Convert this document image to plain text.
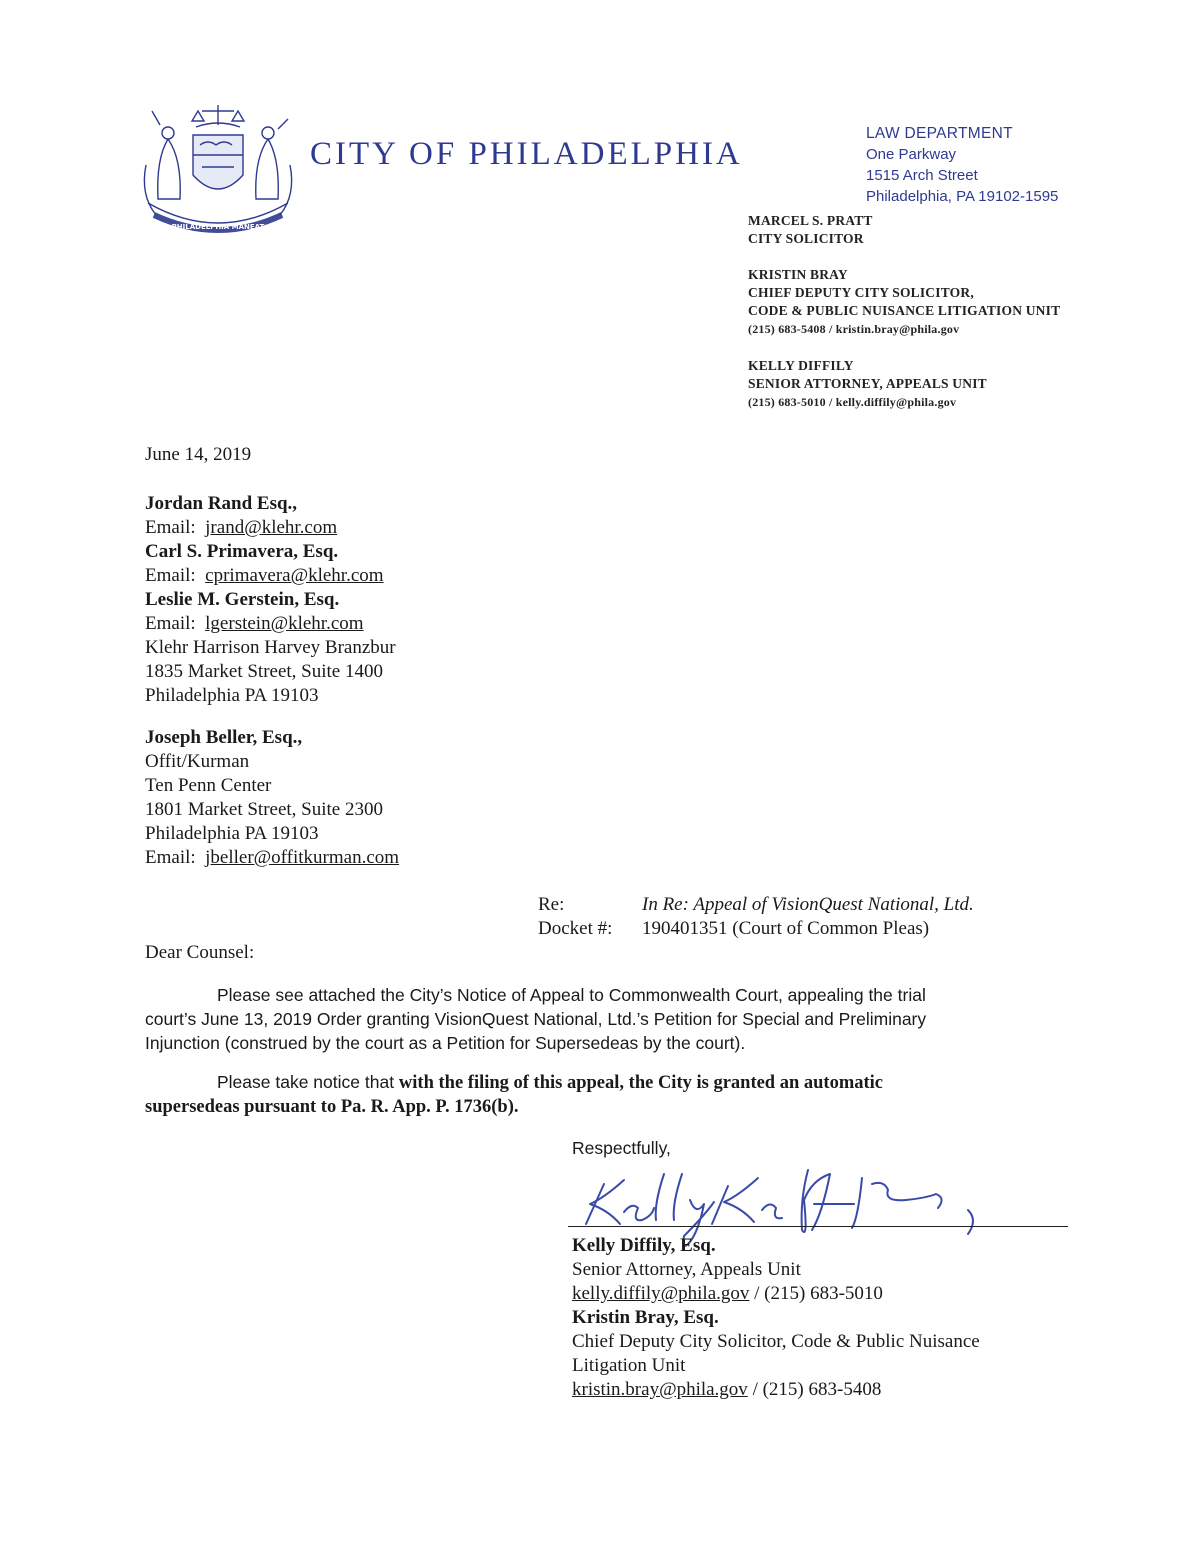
PHILADELPHIA MANEAT
CITY OF PHILADELPHIA
LAW DEPARTMENT
One Parkway
1515 Arch Street
Philadelphia, PA 19102-1595
MARCEL S. PRATT
CITY SOLICITOR
KRISTIN BRAY
CHIEF DEPUTY CITY SOLICITOR,
CODE & PUBLIC NUISANCE LITIGATION UNIT
(215) 683-5408 / kristin.bray@phila.gov
KELLY DIFFILY
SENIOR ATTORNEY, APPEALS UNIT
(215) 683-5010 / kelly.diffily@phila.gov
June 14, 2019
Jordan Rand Esq.,
Email: jrand@klehr.com
Carl S. Primavera, Esq.
Email: cprimavera@klehr.com
Leslie M. Gerstein, Esq.
Email: lgerstein@klehr.com
Klehr Harrison Harvey Branzbur
1835 Market Street, Suite 1400
Philadelphia PA 19103
Joseph Beller, Esq.,
Offit/Kurman
Ten Penn Center
1801 Market Street, Suite 2300
Philadelphia PA 19103
Email: jbeller@offitkurman.com
Re:	In Re: Appeal of VisionQuest National, Ltd.
Docket #: 190401351 (Court of Common Pleas)
Dear Counsel:
Please see attached the City’s Notice of Appeal to Commonwealth Court, appealing the trial
court’s June 13, 2019 Order granting VisionQuest National, Ltd.’s Petition for Special and Preliminary
Injunction (construed by the court as a Petition for Supersedeas by the court).
Please take notice that with the filing of this appeal, the City is granted an automatic
supersedeas pursuant to Pa. R. App. P. 1736(b).
Respectfully,
Kelly Diffily, Esq.
Senior Attorney, Appeals Unit
kelly.diffily@phila.gov / (215) 683-5010
Kristin Bray, Esq.
Chief Deputy City Solicitor, Code & Public Nuisance
Litigation Unit
kristin.bray@phila.gov / (215) 683-5408
